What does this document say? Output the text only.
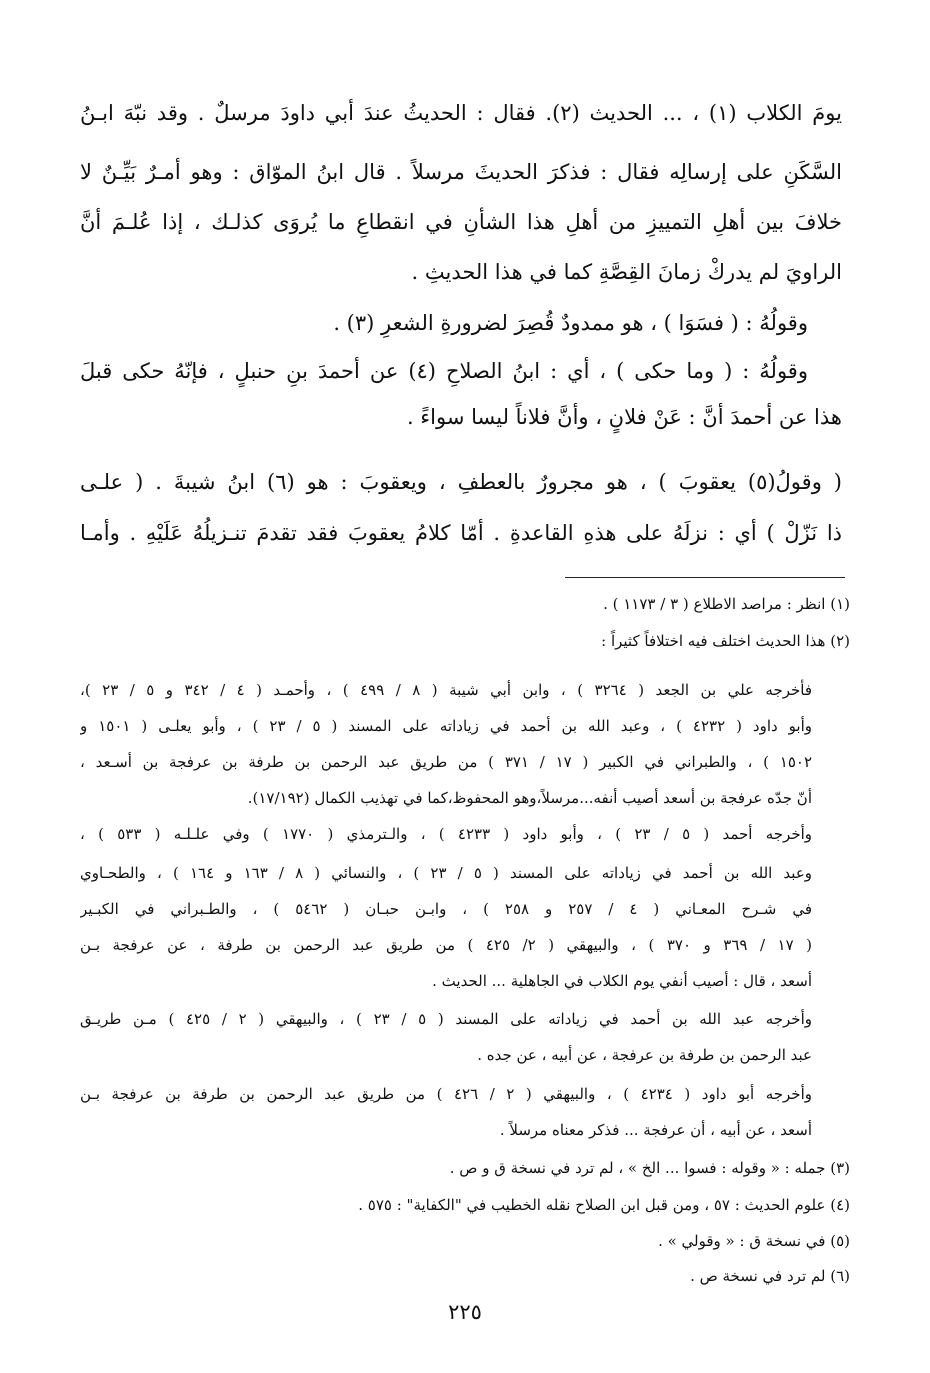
يومَ الكلاب (١) ، ... الحديث (٢). فقال : الحديثُ عندَ أبي داودَ مرسلٌ . وقد نبّهَ ابـنُ
السَّكَنِ على إرسالِه فقال : فذكرَ الحديثَ مرسلاً . قال ابنُ الموّاق : وهو أمـرٌ بَيِّـنٌ لا
خلافَ بين أهلِ التمييزِ من أهلِ هذا الشأنِ في انقطاعِ ما يُروَى كذلـك ، إذا عُلـمَ أنَّ
الراويَ لم يدركْ زمانَ القِصَّةِ كما في هذا الحديثِ .
وقولُهُ : ( فسَوَا ) ، هو ممدودٌ قُصِرَ لضرورةِ الشعرِ (٣) .
وقولُهُ : ( وما حكى ) ، أي : ابنُ الصلاحِ (٤) عن أحمدَ بنِ حنبلٍ ، فإنّهُ حكى قبلَ
هذا عن أحمدَ أنَّ : عَنْ فلانٍ ، وأنَّ فلاناً ليسا سواءً .
( وقولُ(٥) يعقوبَ ) ، هو مجرورٌ بالعطفِ ، ويعقوبَ : هو (٦) ابنُ شيبةَ . ( علـى
ذا نَزّلْ ) أي : نزلَهُ على هذهِ القاعدةِ . أمّا كلامُ يعقوبَ فقد تقدمَ تنـزيلُهُ عَلَيْهِ . وأمـا
(١) انظر : مراصد الاطلاع ( ٣ / ١١٧٣ ) .
(٢) هذا الحديث اختلف فيه اختلافاً كثيراً :
فأخرجه علي بن الجعد ( ٣٢٦٤ ) ، وابن أبي شيبة ( ٨ / ٤٩٩ ) ، وأحمـد ( ٤ / ٣٤٢ و ٥ / ٢٣ )،
وأبو داود ( ٤٢٣٢ ) ، وعبد الله بن أحمد في زياداته على المسند ( ٥ / ٢٣ ) ، وأبو يعلـى ( ١٥٠١ و
١٥٠٢ ) ، والطبراني في الكبير ( ١٧ / ٣٧١ ) من طريق عبد الرحمن بن طرفة بن عرفجة بن أسـعد ،
أنّ جدّه عرفجة بن أسعد أصيب أنفه...مرسلاً،وهو المحفوظ،كما في تهذيب الكمال (١٧/١٩٢).
وأخرجه أحمد ( ٥ / ٢٣ ) ، وأبو داود ( ٤٢٣٣ ) ، والـترمذي ( ١٧٧٠ ) وفي علـلـه ( ٥٣٣ ) ،
وعبد الله بن أحمد في زياداته على المسند ( ٥ / ٢٣ ) ، والنسائي ( ٨ / ١٦٣ و ١٦٤ ) ، والطحـاوي
في شـرح المعـاني ( ٤ / ٢٥٧ و ٢٥٨ ) ، وابـن حبـان ( ٥٤٦٢ ) ، والطـبراني في الكبـير
( ١٧ / ٣٦٩ و ٣٧٠ ) ، والبيهقي ( ٢/ ٤٢٥ ) من طريق عبد الرحمن بن طرفة ، عن عرفجة بـن
أسعد ، قال : أصيب أنفي يوم الكلاب في الجاهلية ... الحديث .
وأخرجه عبد الله بن أحمد في زياداته على المسند ( ٥ / ٢٣ ) ، والبيهقي ( ٢ / ٤٢٥ ) مـن طريـق
عبد الرحمن بن طرفة بن عرفجة ، عن أبيه ، عن جده .
وأخرجه أبو داود ( ٤٢٣٤ ) ، والبيهقي ( ٢ / ٤٢٦ ) من طريق عبد الرحمن بن طرفة بن عرفجة بـن
أسعد ، عن أبيه ، أن عرفجة ... فذكر معناه مرسلاً .
(٣) جمله : « وقوله : فسوا ... الخ » ، لم ترد في نسخة ق و ص .
(٤) علوم الحديث : ٥٧ ، ومن قبل ابن الصلاح نقله الخطيب في "الكفاية" : ٥٧٥ .
(٥) في نسخة ق : « وقولي » .
(٦) لم ترد في نسخة ص .
٢٢٥
